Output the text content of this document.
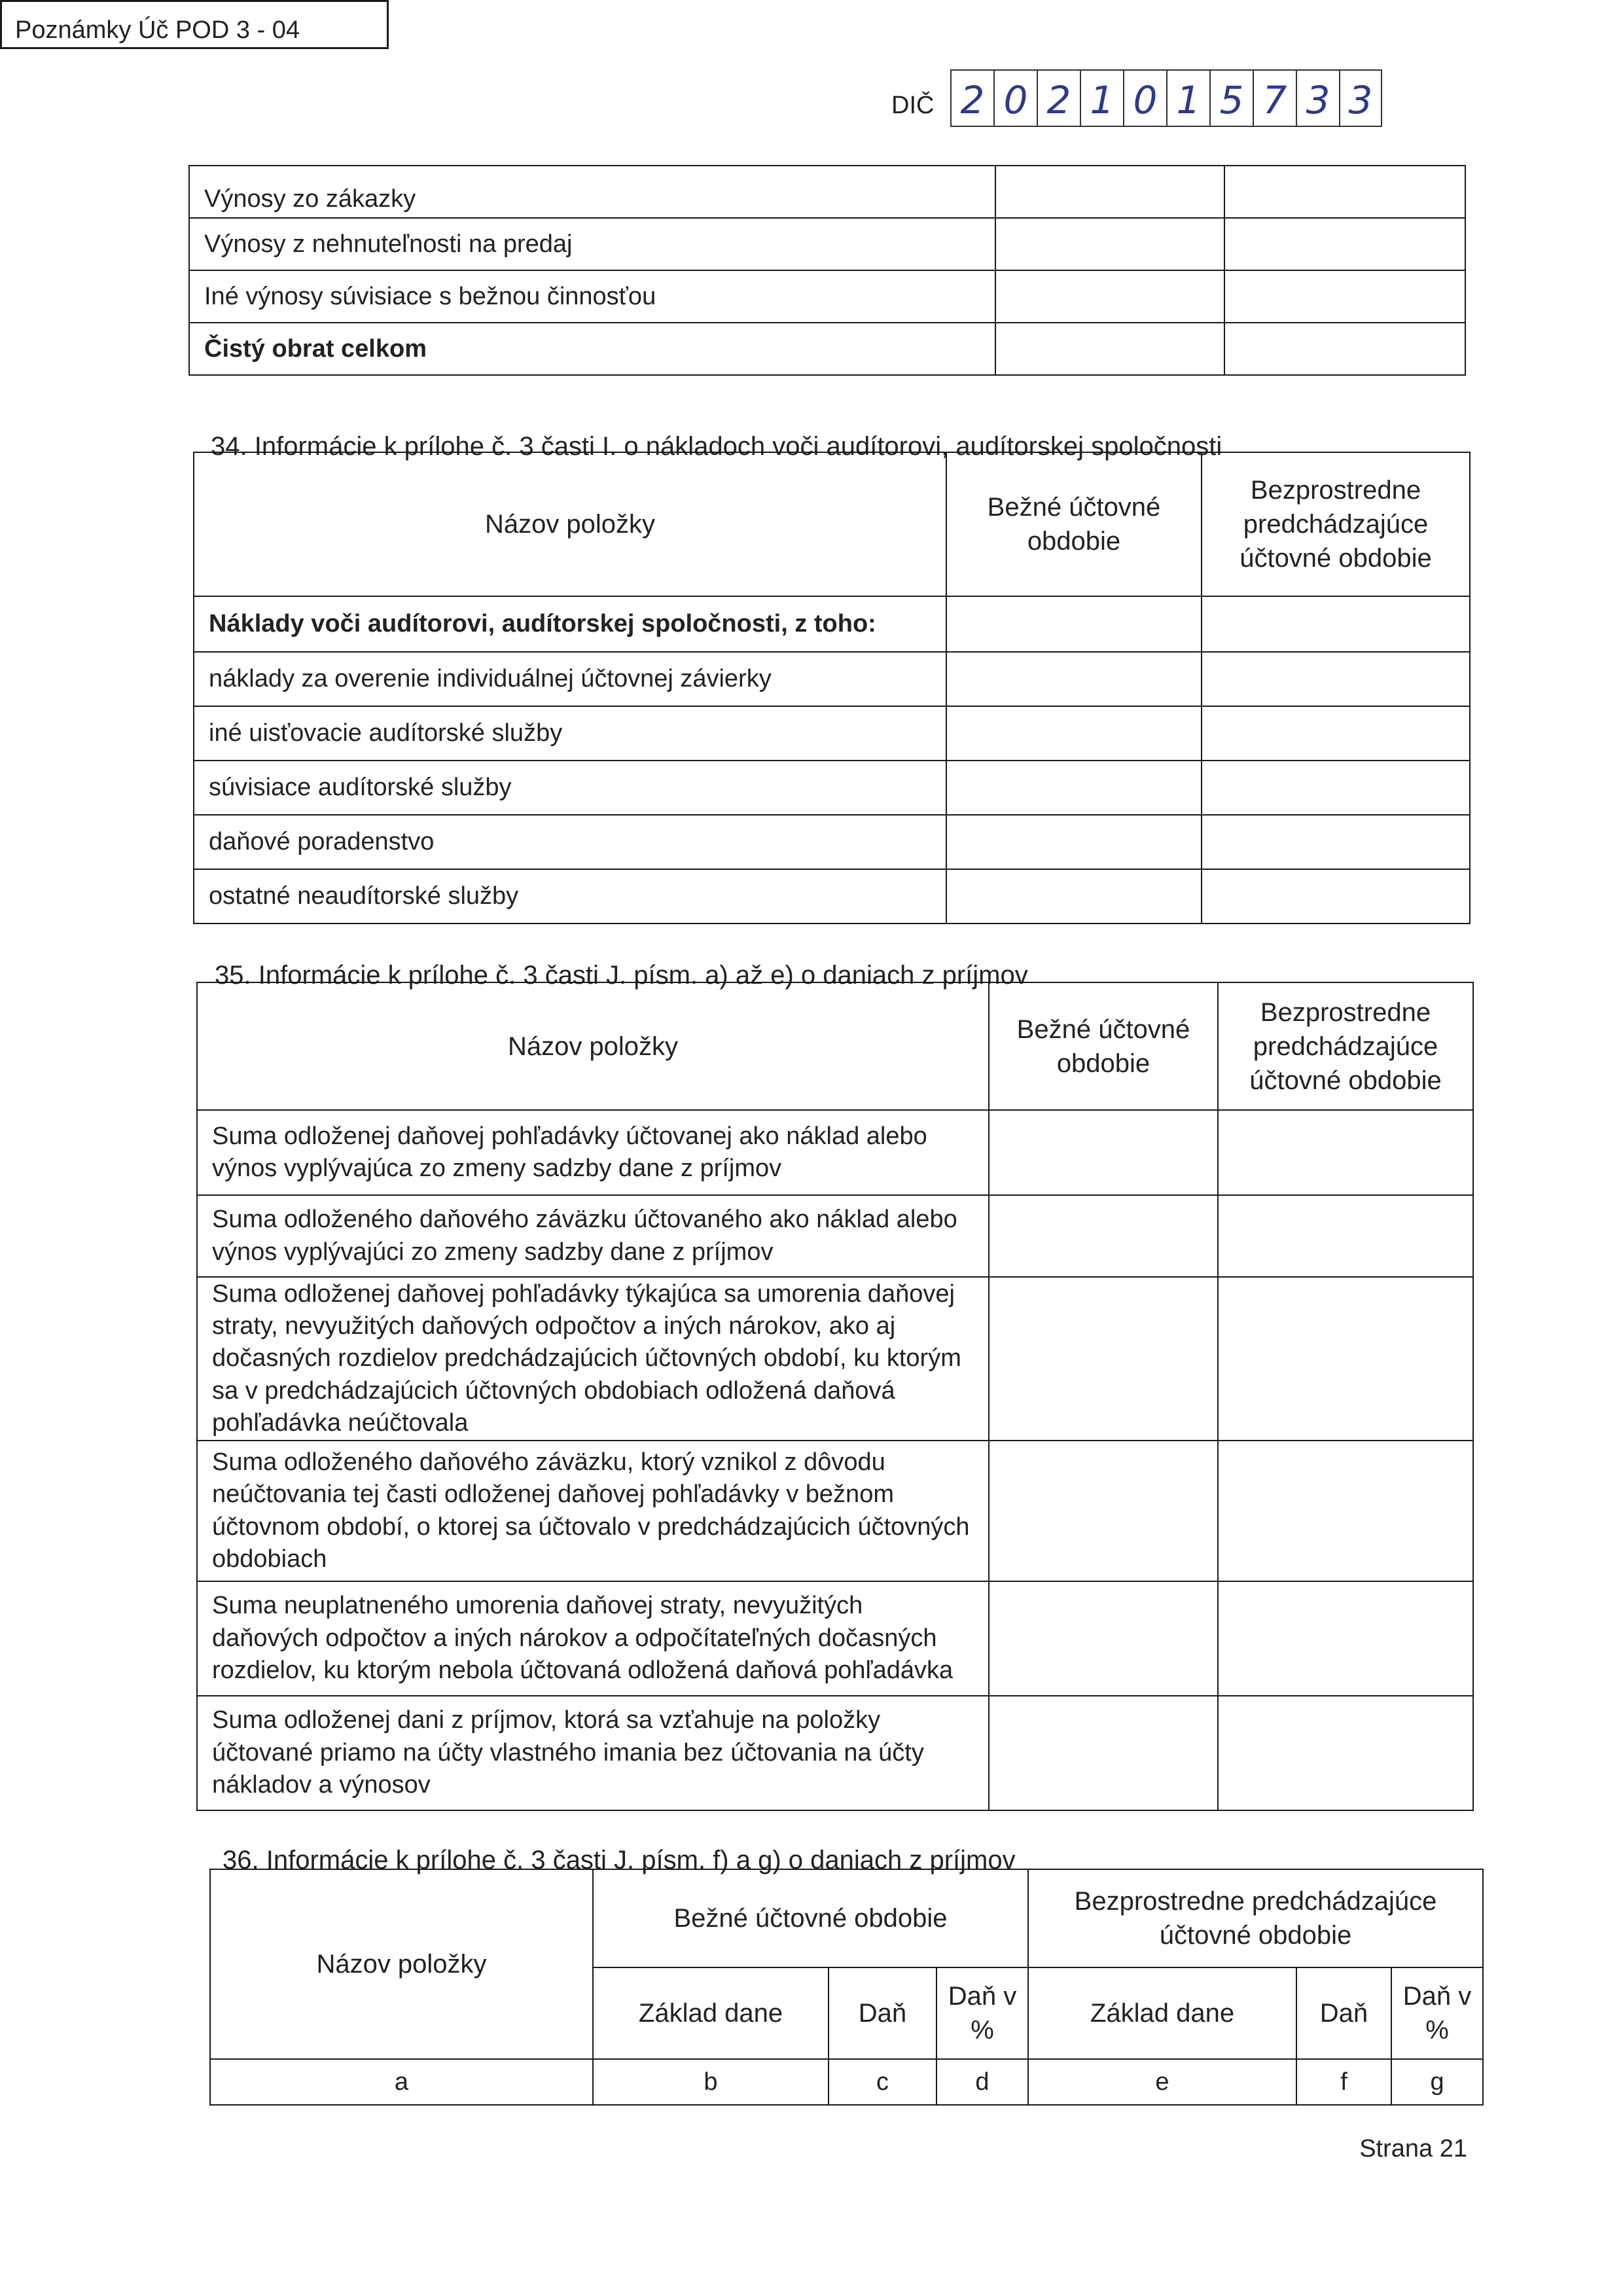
Poznámky Úč POD 3 - 04
DIČ 2 0 2 1 0 1 5 7 3 3
Výnosy zo zákazky		
Výnosy z nehnuteľnosti na predaj		
Iné výnosy súvisiace s bežnou činnosťou		
Čistý obrat celkom		
34. Informácie k prílohe č. 3 časti I. o nákladoch voči audítorovi, audítorskej spoločnosti
Názov položky	Bežné účtovné obdobie	Bezprostredne predchádzajúce účtovné obdobie
Náklady voči audítorovi, audítorskej spoločnosti, z toho:		
náklady za overenie individuálnej účtovnej závierky		
iné uisťovacie audítorské služby		
súvisiace audítorské služby		
daňové poradenstvo		
ostatné neaudítorské služby		
35. Informácie k prílohe č. 3 časti J. písm. a) až e) o daniach z príjmov
Názov položky	Bežné účtovné obdobie	Bezprostredne predchádzajúce účtovné obdobie
Suma odloženej daňovej pohľadávky účtovanej ako náklad alebo výnos vyplývajúca zo zmeny sadzby dane z príjmov		
Suma odloženého daňového záväzku účtovaného ako náklad alebo výnos vyplývajúci zo zmeny sadzby dane z príjmov		
Suma odloženej daňovej pohľadávky týkajúca sa umorenia daňovej straty, nevyužitých daňových odpočtov a iných nárokov, ako aj dočasných rozdielov predchádzajúcich účtovných období, ku ktorým sa v predchádzajúcich účtovných obdobiach odložená daňová pohľadávka neúčtovala		
Suma odloženého daňového záväzku, ktorý vznikol z dôvodu neúčtovania tej časti odloženej daňovej pohľadávky v bežnom účtovnom období, o ktorej sa účtovalo v predchádzajúcich účtovných obdobiach		
Suma neuplatneného umorenia daňovej straty, nevyužitých daňových odpočtov a iných nárokov a odpočítateľných dočasných rozdielov, ku ktorým nebola účtovaná odložená daňová pohľadávka		
Suma odloženej dani z príjmov, ktorá sa vzťahuje na položky účtované priamo na účty vlastného imania bez účtovania na účty nákladov a výnosov		
36. Informácie k prílohe č. 3 časti J. písm. f) a g) o daniach z príjmov
Názov položky	Bežné účtovné obdobie			Bezprostredne predchádzajúce účtovné obdobie		
	Základ dane	Daň	Daň v %	Základ dane	Daň	Daň v %
a	b	c	d	e	f	g
Strana 21
